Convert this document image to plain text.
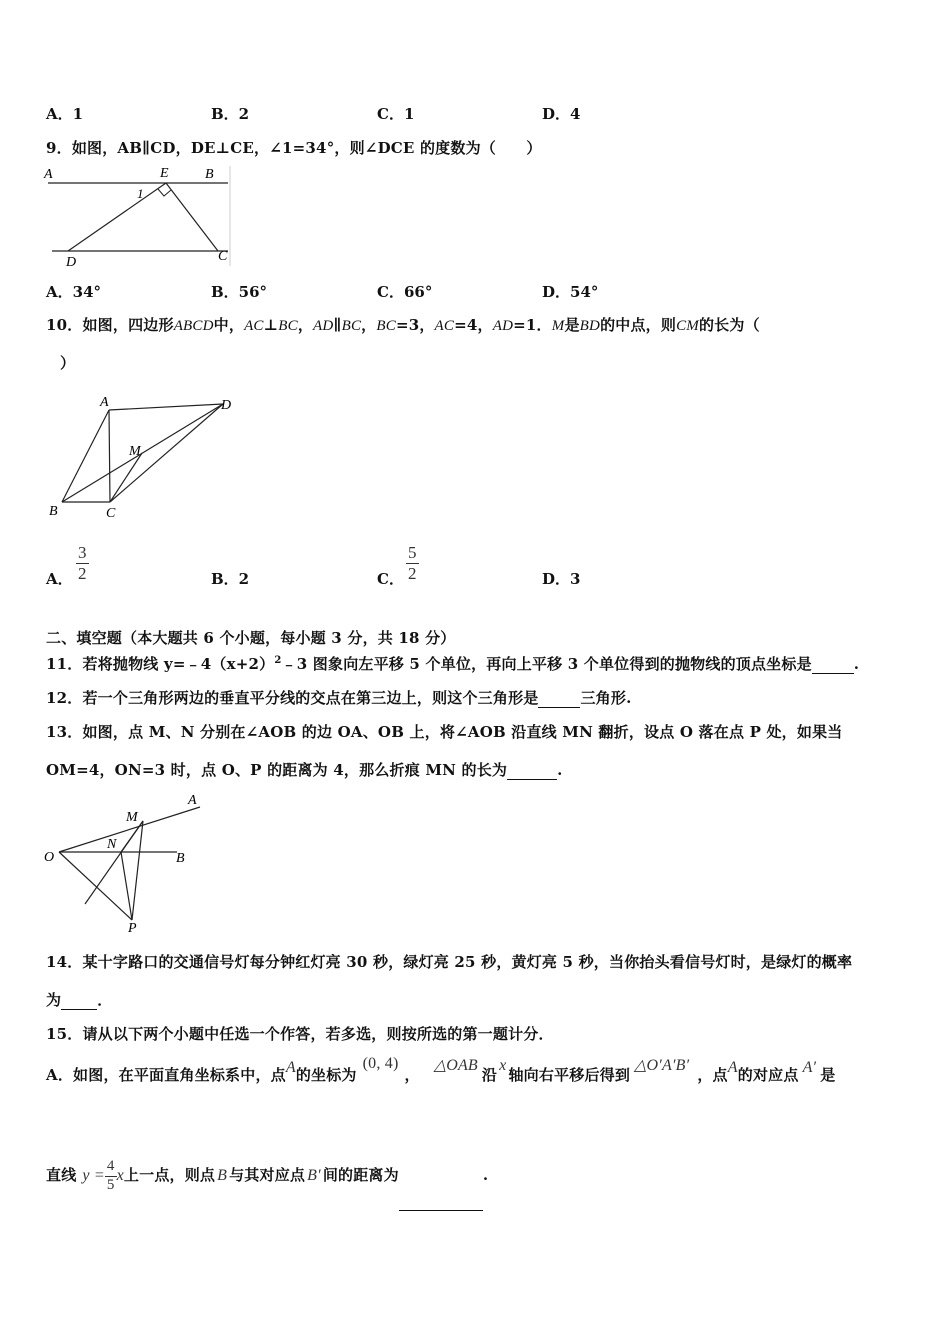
A．1	B．2	C．1	D．4
9．如图，AB∥CD，DE⊥CE，∠1=34°，则∠DCE 的度数为（　　）
A	E	B
1
D	C
A．34°	B．56°	C．66°	D．54°
10．如图，四边形ABCD中，AC⊥BC，AD∥BC，BC=3，AC=4，AD=1．M是BD的中点，则CM的长为（
）
A	D
M
B	C
A． $\frac{3}{2}$	B．2	C． $\frac{5}{2}$	D．3
二、填空题（本大题共 6 个小题，每小题 3 分，共 18 分）
11．若将抛物线 $y=﹣4(x+2)^2﹣3$ 图象向左平移 5 个单位，再向上平移 3 个单位得到的抛物线的顶点坐标是	.
12．若一个三角形两边的垂直平分线的交点在第三边上，则这个三角形是	三角形.
13．如图，点 M、N 分别在∠AOB 的边 OA、OB 上，将∠AOB 沿直线 MN 翻折，设点 O 落在点 P 处，如果当
OM=4，ON=3 时，点 O、P 的距离为 4，那么折痕 MN 的长为	.
A
M
N
O	B
P
14．某十字路口的交通信号灯每分钟红灯亮 30 秒，绿灯亮 25 秒，黄灯亮 5 秒，当你抬头看信号灯时，是绿灯的概率
为 ．
15．请从以下两个小题中任选一个作答，若多选，则按所选的第一题计分．
A．如图，在平面直角坐标系中，点A的坐标为(0, 4)，△OAB沿x轴向右平移后得到△O′A′B′，点A的对应点 A′ 是
直线 $y = \frac{4}{5}$ x上一点，则点 B 与其对应点 B′ 间的距离为	.
